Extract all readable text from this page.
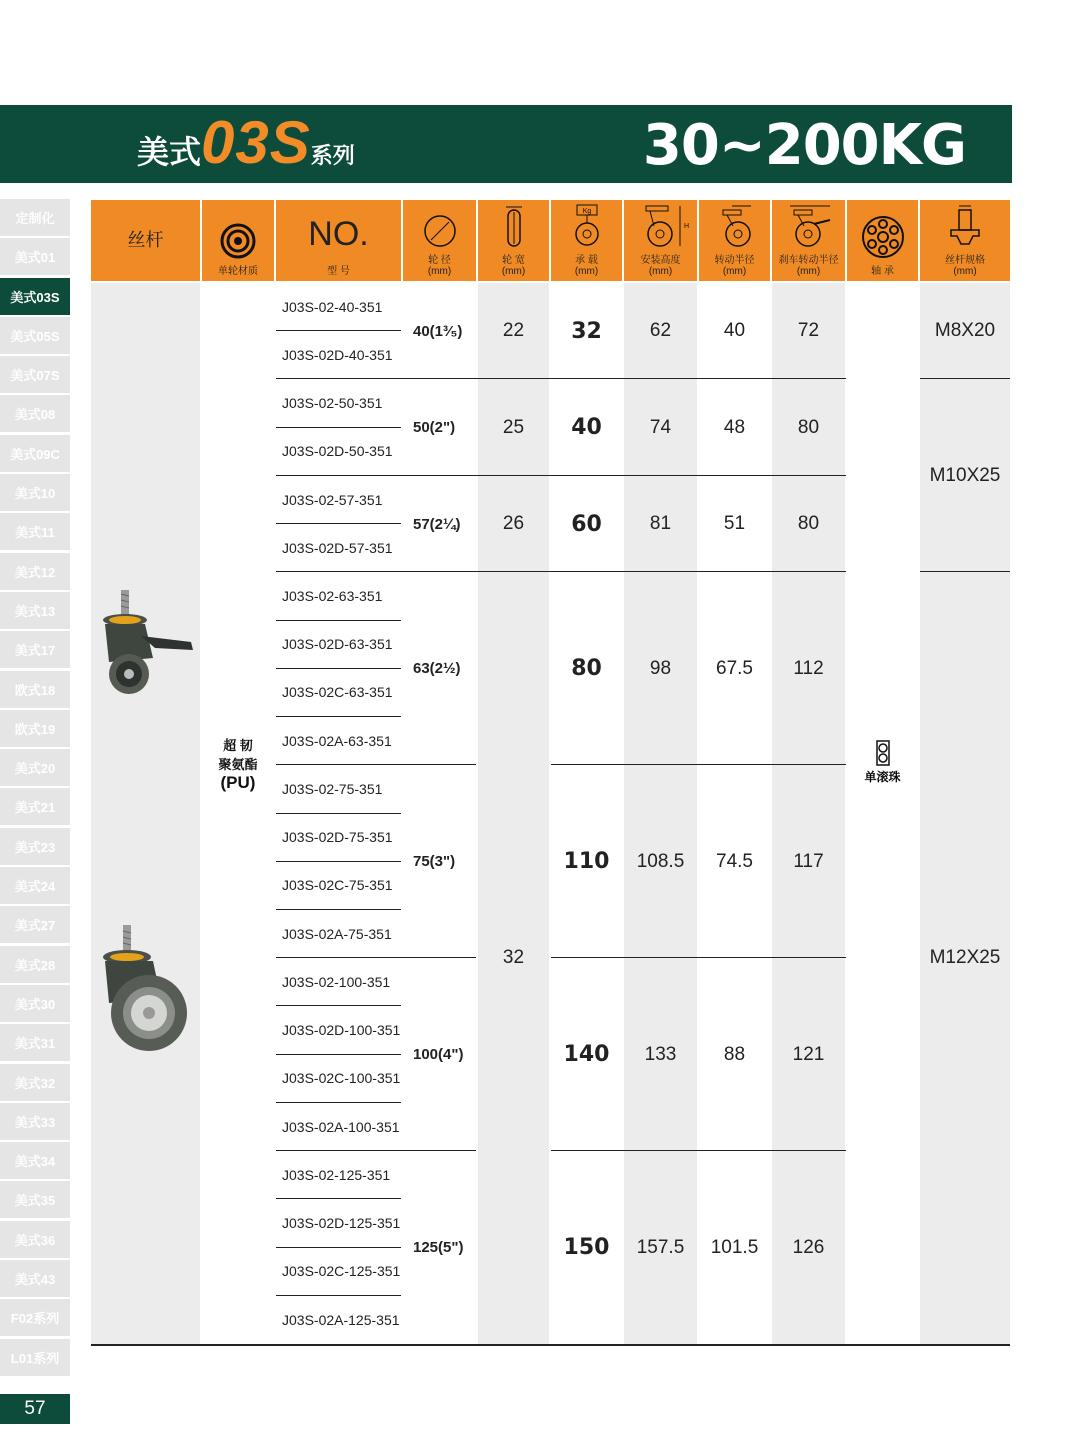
美式03S系列	30~200KG
定制化
美式01
美式03S
美式05S
美式07S
美式08
美式09C
美式10
美式11
美式12
美式13
美式17
欧式18
欧式19
美式20
美式21
美式23
美式24
美式27
美式28
美式30
美式31
美式32
美式33
美式34
美式35
美式36
美式43
F02系列
L01系列
57
丝杆
单轮材质
NO.
型 号
轮 径
(mm)
轮 宽
(mm)
Kg
承 载
(mm)
H
安装高度
(mm)
转动半径
(mm)
刹车转动半径
(mm)	轴 承
丝杆规格
(mm)
超 韧
聚氨酯
(PU)
J03S-02-40-351
J03S-02D-40-351
J03S-02-50-351
J03S-02D-50-351
J03S-02-57-351
J03S-02D-57-351
J03S-02-63-351
J03S-02D-63-351
J03S-02C-63-351
J03S-02A-63-351
J03S-02-75-351
J03S-02D-75-351
J03S-02C-75-351
J03S-02A-75-351
J03S-02-100-351
J03S-02D-100-351
J03S-02C-100-351
J03S-02A-100-351
J03S-02-125-351
J03S-02D-125-351
J03S-02C-125-351
J03S-02A-125-351
40(1³⁄₅)
50(2")
57(2¼)
63(2½)
75(3")
100(4")
125(5")
22
25
26
32
32
40
60
80
110
140
150
62
74
81
98
108.5
133
157.5
40
48
51
67.5
74.5
88
101.5
72
80
80
112
117
121
126
单滚珠
M8X20
M10X25
M12X25
